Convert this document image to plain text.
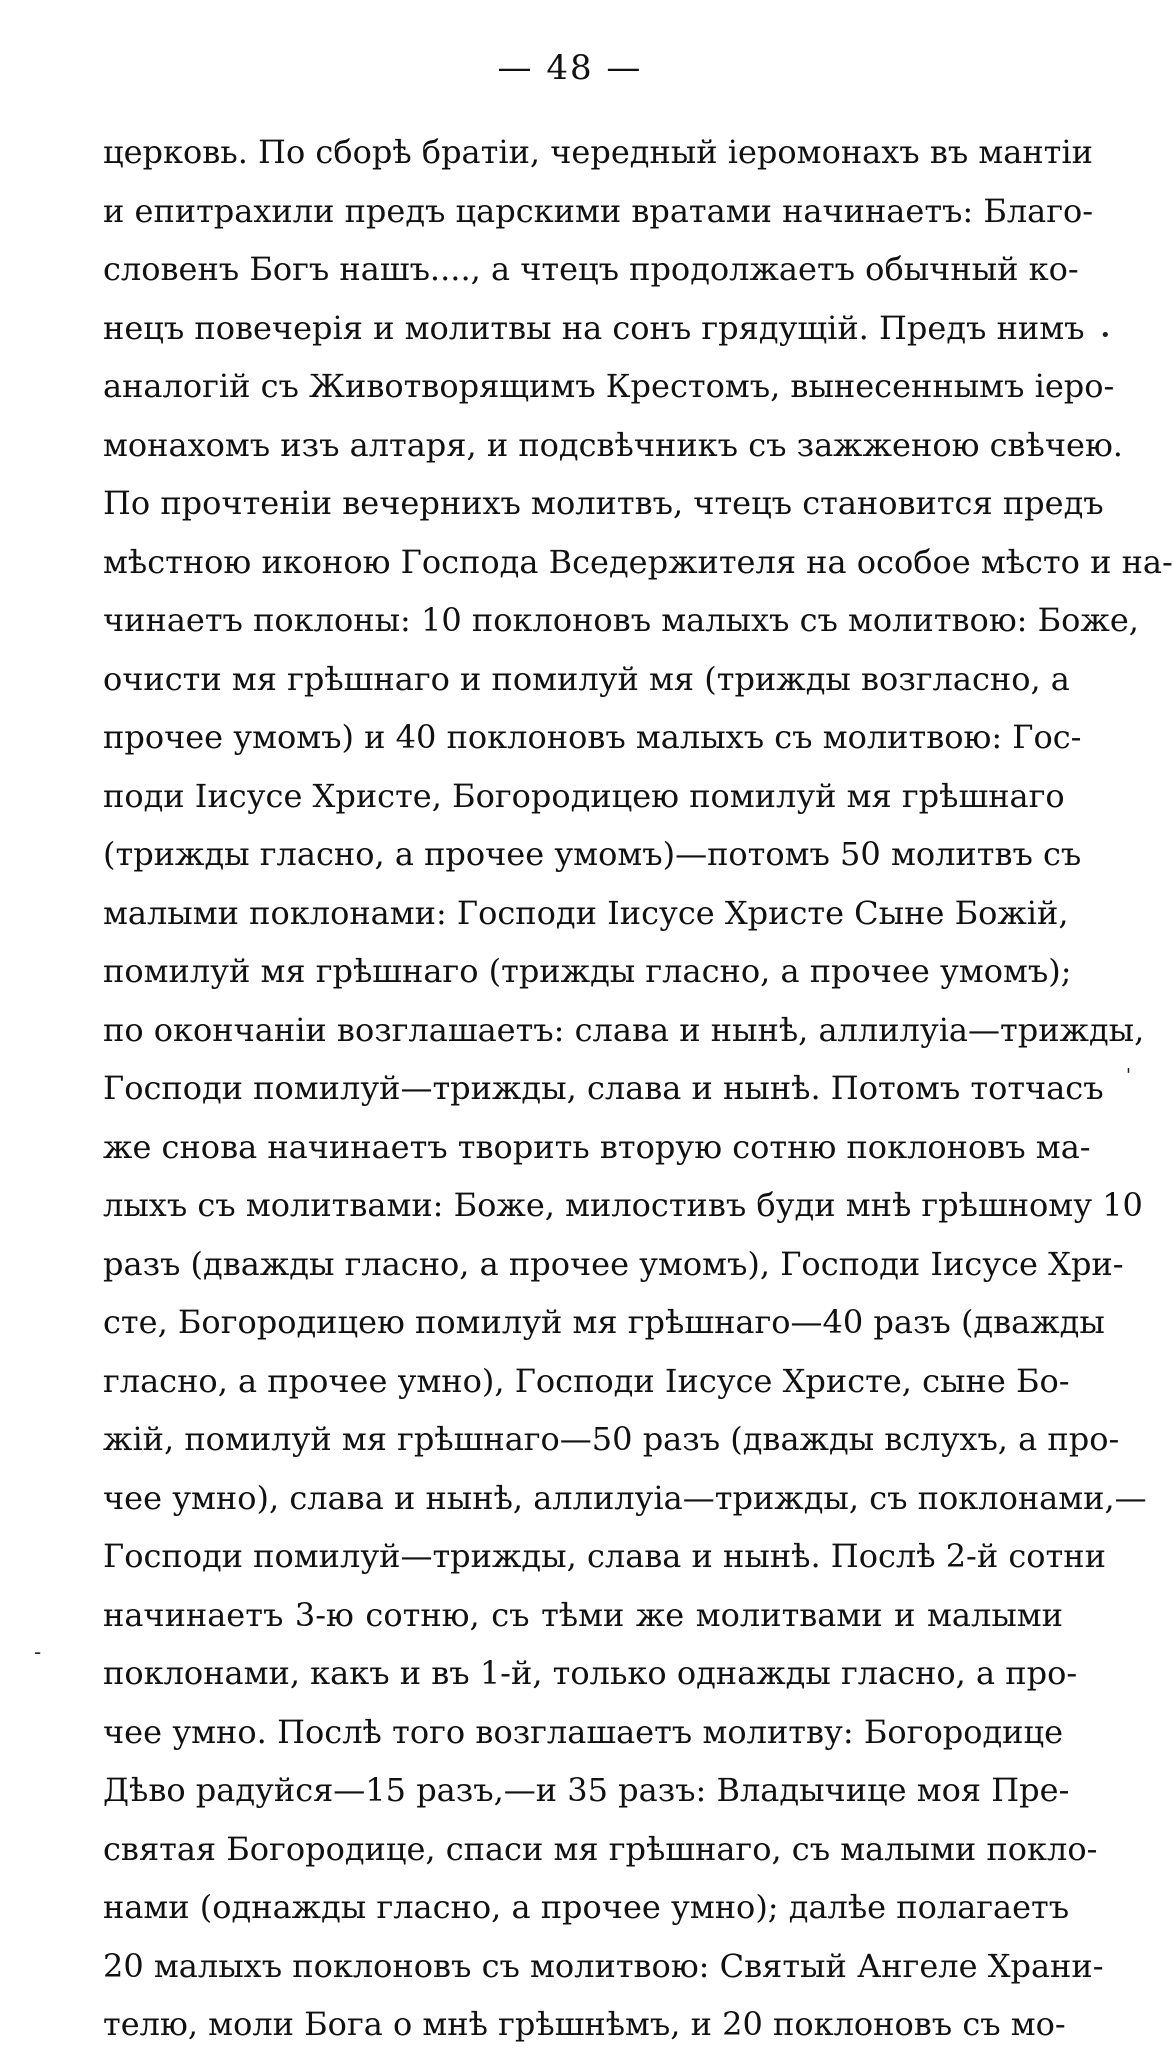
— 48 —
церковь. По сборѣ братіи, чередный іеромонахъ въ мантіи
и епитрахили предъ царскими вратами начинаетъ: Благо-
словенъ Богъ нашъ...., а чтецъ продолжаетъ обычный ко-
нецъ повечерія и молитвы на сонъ грядущій. Предъ нимъ
аналогій съ Животворящимъ Крестомъ, вынесеннымъ іеро-
монахомъ изъ алтаря, и подсвѣчникъ съ зажженою свѣчею.
По прочтеніи вечернихъ молитвъ, чтецъ становится предъ
мѣстною иконою Господа Вседержителя на особое мѣсто и на-
чинаетъ поклоны: 10 поклоновъ малыхъ съ молитвою: Боже,
очисти мя грѣшнаго и помилуй мя (трижды возгласно, а
прочее умомъ) и 40 поклоновъ малыхъ съ молитвою: Гос-
поди Іисусе Христе, Богородицею помилуй мя грѣшнаго
(трижды гласно, а прочее умомъ)—потомъ 50 молитвъ съ
малыми поклонами: Господи Іисусе Христе Сыне Божій,
помилуй мя грѣшнаго (трижды гласно, а прочее умомъ);
по окончаніи возглашаетъ: слава и нынѣ, аллилуіа—трижды,
Господи помилуй—трижды, слава и нынѣ. Потомъ тотчасъ
же снова начинаетъ творить вторую сотню поклоновъ ма-
лыхъ съ молитвами: Боже, милостивъ буди мнѣ грѣшному 10
разъ (дважды гласно, а прочее умомъ), Господи Іисусе Хри-
сте, Богородицею помилуй мя грѣшнаго—40 разъ (дважды
гласно, а прочее умно), Господи Іисусе Христе, сыне Бо-
жій, помилуй мя грѣшнаго—50 разъ (дважды вслухъ, а про-
чее умно), слава и нынѣ, аллилуіа—трижды, съ поклонами,—
Господи помилуй—трижды, слава и нынѣ. Послѣ 2-й сотни
начинаетъ 3-ю сотню, съ тѣми же молитвами и малыми
поклонами, какъ и въ 1-й, только однажды гласно, а про-
чее умно. Послѣ того возглашаетъ молитву: Богородице
Дѣво радуйся—15 разъ,—и 35 разъ: Владычице моя Пре-
святая Богородице, спаси мя грѣшнаго, съ малыми покло-
нами (однажды гласно, а прочее умно); далѣе полагаетъ
20 малыхъ поклоновъ съ молитвою: Святый Ангеле Храни-
телю, моли Бога о мнѣ грѣшнѣмъ, и 20 поклоновъ съ мо-
•
'
-
